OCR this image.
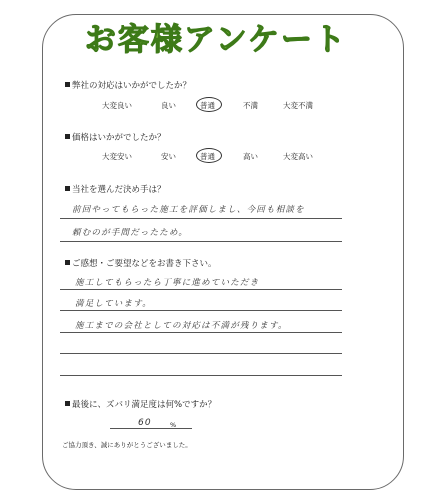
お客様アンケート
弊社の対応はいかがでしたか？
大変良い	良い	普通	不満	大変不満
価格はいかがでしたか？
大変安い	安い	普通	高い	大変高い
当社を選んだ決め手は？
前回やってもらった施工を評価しまし、今回も相談を
頼むのが手間だったため。
ご感想・ご要望などをお書き下さい。
施工してもらったら丁寧に進めていただき
満足しています。
施工までの会社としての対応は不満が残ります。
最後に、ズバリ満足度は何%ですか？
60	%
ご協力頂き、誠にありがとうございました。
